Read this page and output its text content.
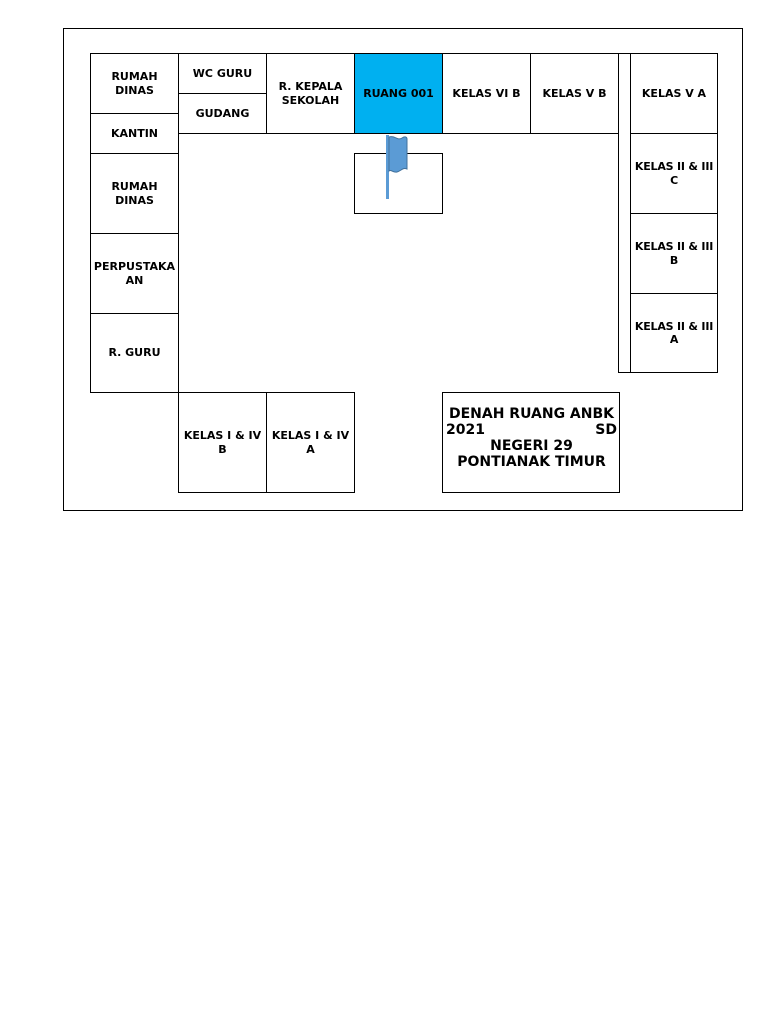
RUMAH DINAS
WC GURU
GUDANG
R. KEPALA SEKOLAH
RUANG 001 KELAS VI B KELAS V B	KELAS V A
KANTIN
RUMAH DINAS
PERPUSTAKA AN
R. GURU
KELAS II & III C
KELAS II & III B
KELAS II & III A
KELAS I & IV B
KELAS I & IV A
DENAH RUANG ANBK
2021	SD
NEGERI 29
PONTIANAK TIMUR
